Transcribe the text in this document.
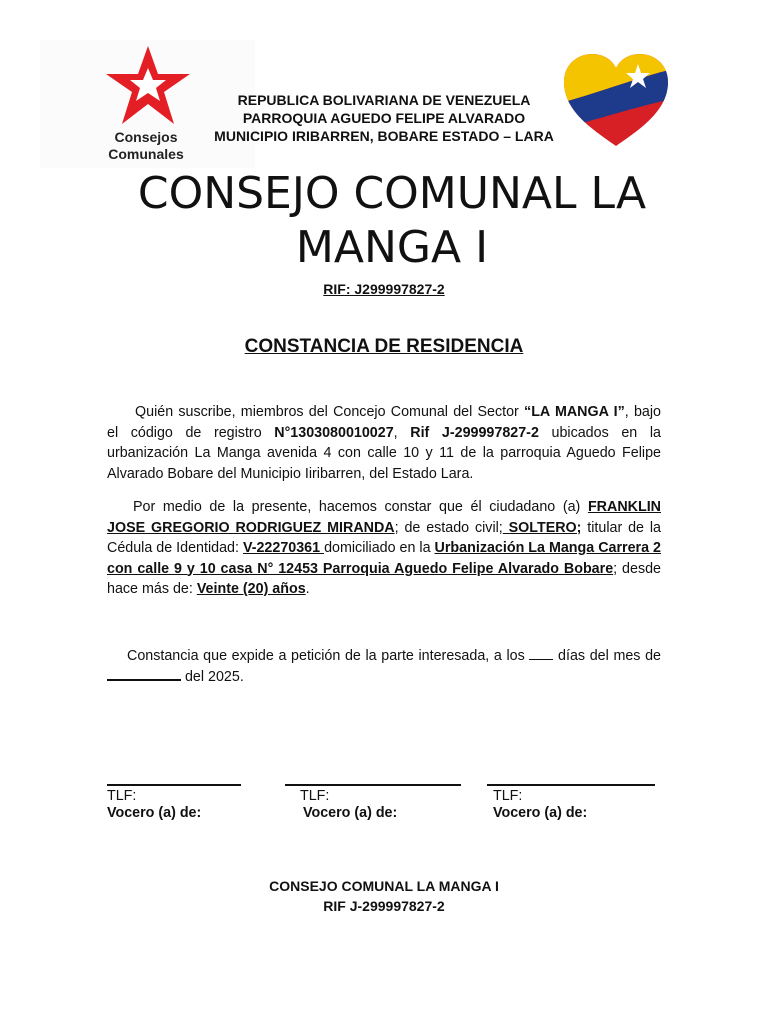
Consejos
Comunales
REPUBLICA BOLIVARIANA DE VENEZUELA
PARROQUIA AGUEDO FELIPE ALVARADO
MUNICIPIO IRIBARREN, BOBARE ESTADO – LARA
CONSEJO COMUNAL LA
MANGA I
RIF: J299997827-2
CONSTANCIA DE RESIDENCIA
Quién suscribe, miembros del Concejo Comunal del Sector “LA MANGA I”, bajo el código de registro N°1303080010027, Rif J-299997827-2 ubicados en la urbanización La Manga avenida 4 con calle 10 y 11 de la parroquia Aguedo Felipe Alvarado Bobare del Municipio Iiribarren, del Estado Lara.
Por medio de la presente, hacemos constar que él ciudadano (a) FRANKLIN JOSE GREGORIO RODRIGUEZ MIRANDA; de estado civil; SOLTERO; titular de la Cédula de Identidad: V-22270361 domiciliado en la Urbanización La Manga Carrera 2 con calle 9 y 10 casa N° 12453 Parroquia Aguedo Felipe Alvarado Bobare; desde hace más de: Veinte (20) años.
Constancia que expide a petición de la parte interesada, a los  días del mes de  del 2025.
TLF:
Vocero (a) de:
TLF:
Vocero (a) de:
TLF:
Vocero (a) de:
CONSEJO COMUNAL LA MANGA I
RIF J-299997827-2
